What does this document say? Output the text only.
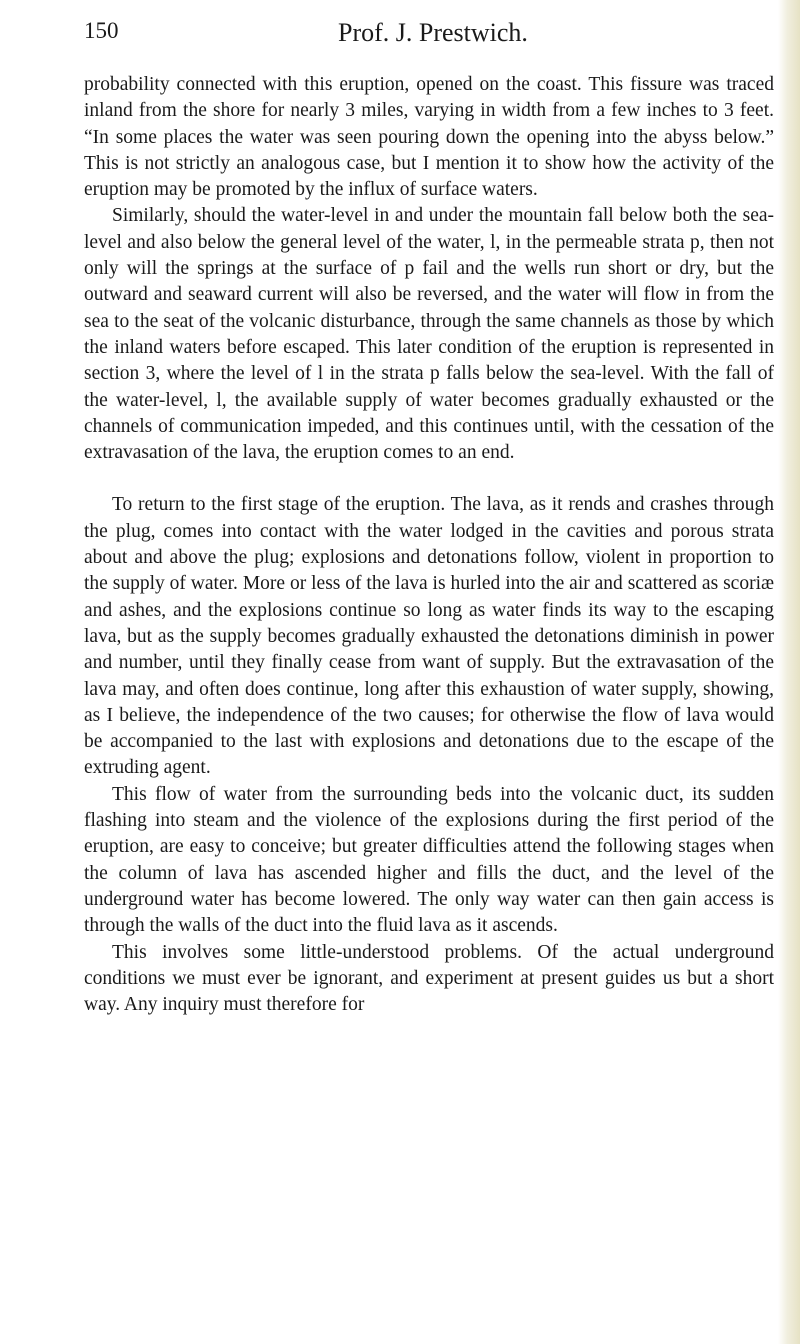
150	Prof. J. Prestwich.

probability connected with this eruption, opened on the coast. This fissure was traced inland from the shore for nearly 3 miles, varying in width from a few inches to 3 feet. “In some places the water was seen pouring down the opening into the abyss below.” This is not strictly an analogous case, but I mention it to show how the activity of the eruption may be promoted by the influx of surface waters.

Similarly, should the water-level in and under the mountain fall below both the sea-level and also below the general level of the water, l, in the permeable strata p, then not only will the springs at the surface of p fail and the wells run short or dry, but the outward and seaward current will also be reversed, and the water will flow in from the sea to the seat of the volcanic disturbance, through the same channels as those by which the inland waters before escaped. This later condition of the eruption is represented in section 3, where the level of l in the strata p falls below the sea-level. With the fall of the water-level, l, the available supply of water becomes gradually exhausted or the channels of communication impeded, and this continues until, with the cessation of the extravasation of the lava, the eruption comes to an end.

To return to the first stage of the eruption. The lava, as it rends and crashes through the plug, comes into contact with the water lodged in the cavities and porous strata about and above the plug; explosions and detonations follow, violent in proportion to the supply of water. More or less of the lava is hurled into the air and scattered as scoriæ and ashes, and the explosions continue so long as water finds its way to the escaping lava, but as the supply becomes gradually exhausted the detonations diminish in power and number, until they finally cease from want of supply. But the extravasation of the lava may, and often does continue, long after this exhaustion of water supply, showing, as I believe, the independence of the two causes; for otherwise the flow of lava would be accompanied to the last with explosions and detonations due to the escape of the extruding agent.

This flow of water from the surrounding beds into the volcanic duct, its sudden flashing into steam and the violence of the explosions during the first period of the eruption, are easy to conceive; but greater difficulties attend the following stages when the column of lava has ascended higher and fills the duct, and the level of the underground water has become lowered. The only way water can then gain access is through the walls of the duct into the fluid lava as it ascends.

This involves some little-understood problems. Of the actual underground conditions we must ever be ignorant, and experiment at present guides us but a short way. Any inquiry must therefore for
